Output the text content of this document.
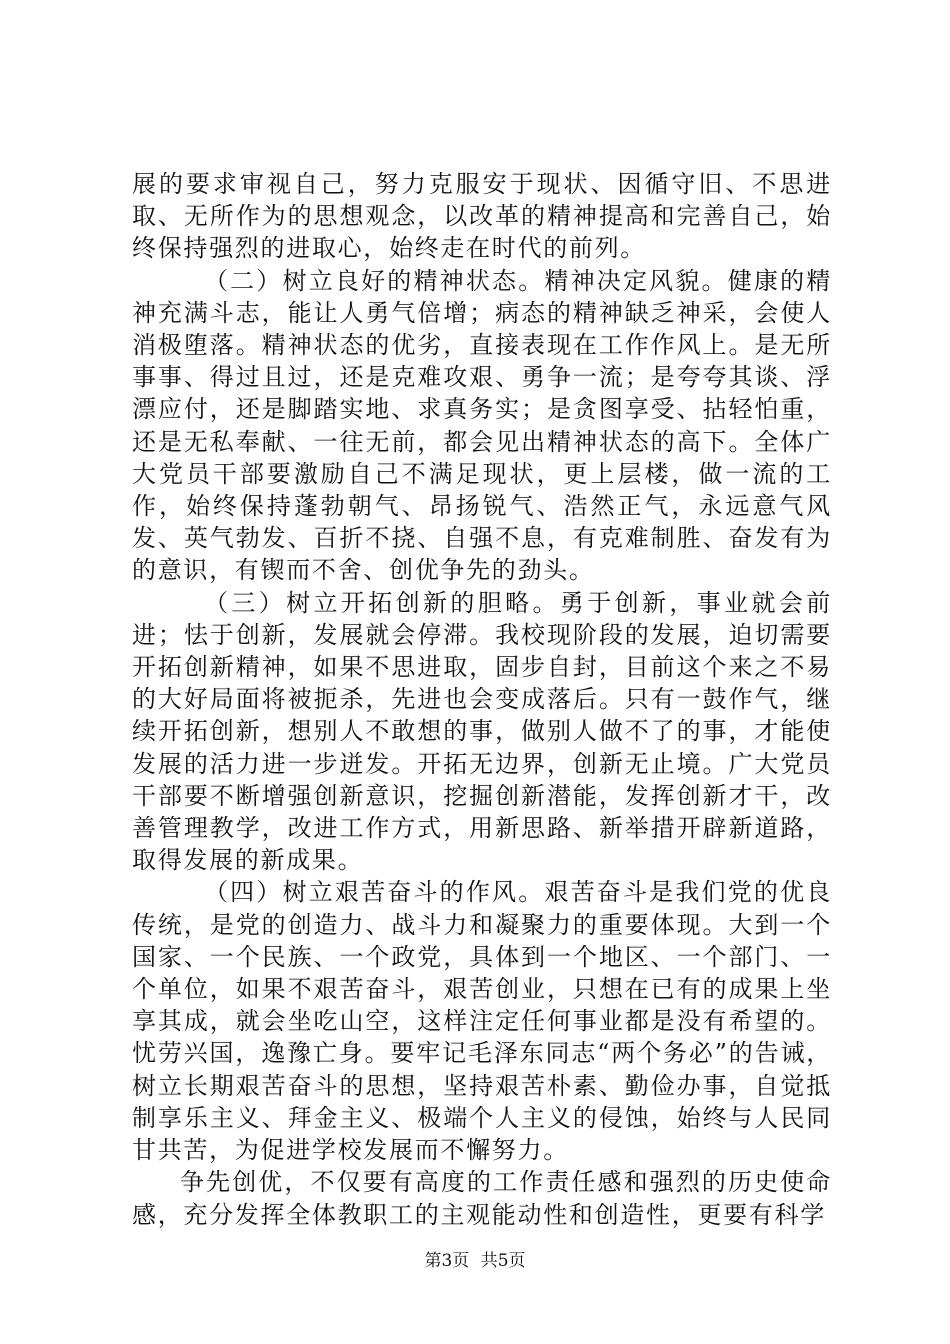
展的要求审视自己，努力克服安于现状、因循守旧、不思进取、无所作为的思想观念，以改革的精神提高和完善自己，始终保持强烈的进取心，始终走在时代的前列。

（二）树立良好的精神状态。精神决定风貌。健康的精神充满斗志，能让人勇气倍增；病态的精神缺乏神采，会使人消极堕落。精神状态的优劣，直接表现在工作作风上。是无所事事、得过且过，还是克难攻艰、勇争一流；是夸夸其谈、浮漂应付，还是脚踏实地、求真务实；是贪图享受、拈轻怕重，还是无私奉献、一往无前，都会见出精神状态的高下。全体广大党员干部要激励自己不满足现状，更上层楼，做一流的工作，始终保持蓬勃朝气、昂扬锐气、浩然正气，永远意气风发、英气勃发、百折不挠、自强不息，有克难制胜、奋发有为的意识，有锲而不舍、创优争先的劲头。

（三）树立开拓创新的胆略。勇于创新，事业就会前进；怯于创新，发展就会停滞。我校现阶段的发展，迫切需要开拓创新精神，如果不思进取，固步自封，目前这个来之不易的大好局面将被扼杀，先进也会变成落后。只有一鼓作气，继续开拓创新，想别人不敢想的事，做别人做不了的事，才能使发展的活力进一步迸发。开拓无边界，创新无止境。广大党员干部要不断增强创新意识，挖掘创新潜能，发挥创新才干，改善管理教学，改进工作方式，用新思路、新举措开辟新道路，取得发展的新成果。

（四）树立艰苦奋斗的作风。艰苦奋斗是我们党的优良传统，是党的创造力、战斗力和凝聚力的重要体现。大到一个国家、一个民族、一个政党，具体到一个地区、一个部门、一个单位，如果不艰苦奋斗，艰苦创业，只想在已有的成果上坐享其成，就会坐吃山空，这样注定任何事业都是没有希望的。忧劳兴国，逸豫亡身。要牢记毛泽东同志“两个务必”的告诫，树立长期艰苦奋斗的思想，坚持艰苦朴素、勤俭办事，自觉抵制享乐主义、拜金主义、极端个人主义的侵蚀，始终与人民同甘共苦，为促进学校发展而不懈努力。

争先创优，不仅要有高度的工作责任感和强烈的历史使命感，充分发挥全体教职工的主观能动性和创造性，更要有科学

第3页 共5页
